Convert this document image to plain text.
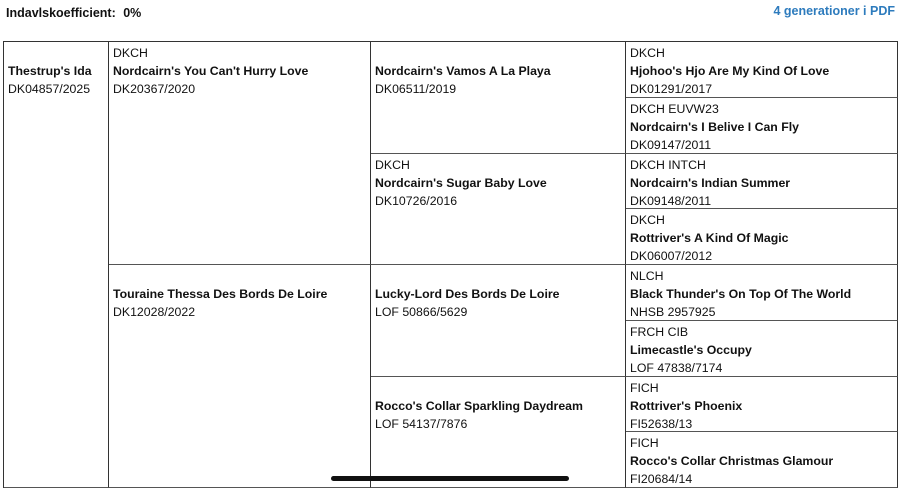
Indavlskoefficient: 0%	4 generationer i PDF
Thestrup's Ida
DK04857/2025
DKCH
Nordcairn's You Can't Hurry Love
DK20367/2020
Touraine Thessa Des Bords De Loire
DK12028/2022
Nordcairn's Vamos A La Playa
DK06511/2019
DKCH
Nordcairn's Sugar Baby Love
DK10726/2016
Lucky-Lord Des Bords De Loire
LOF 50866/5629
Rocco's Collar Sparkling Daydream
LOF 54137/7876
DKCH
Hjohoo's Hjo Are My Kind Of Love
DK01291/2017
DKCH EUVW23
Nordcairn's I Belive I Can Fly
DK09147/2011
DKCH INTCH
Nordcairn's Indian Summer
DK09148/2011
DKCH
Rottriver's A Kind Of Magic
DK06007/2012
NLCH
Black Thunder's On Top Of The World
NHSB 2957925
FRCH CIB
Limecastle's Occupy
LOF 47838/7174
FICH
Rottriver's Phoenix
FI52638/13
FICH
Rocco's Collar Christmas Glamour
FI20684/14
